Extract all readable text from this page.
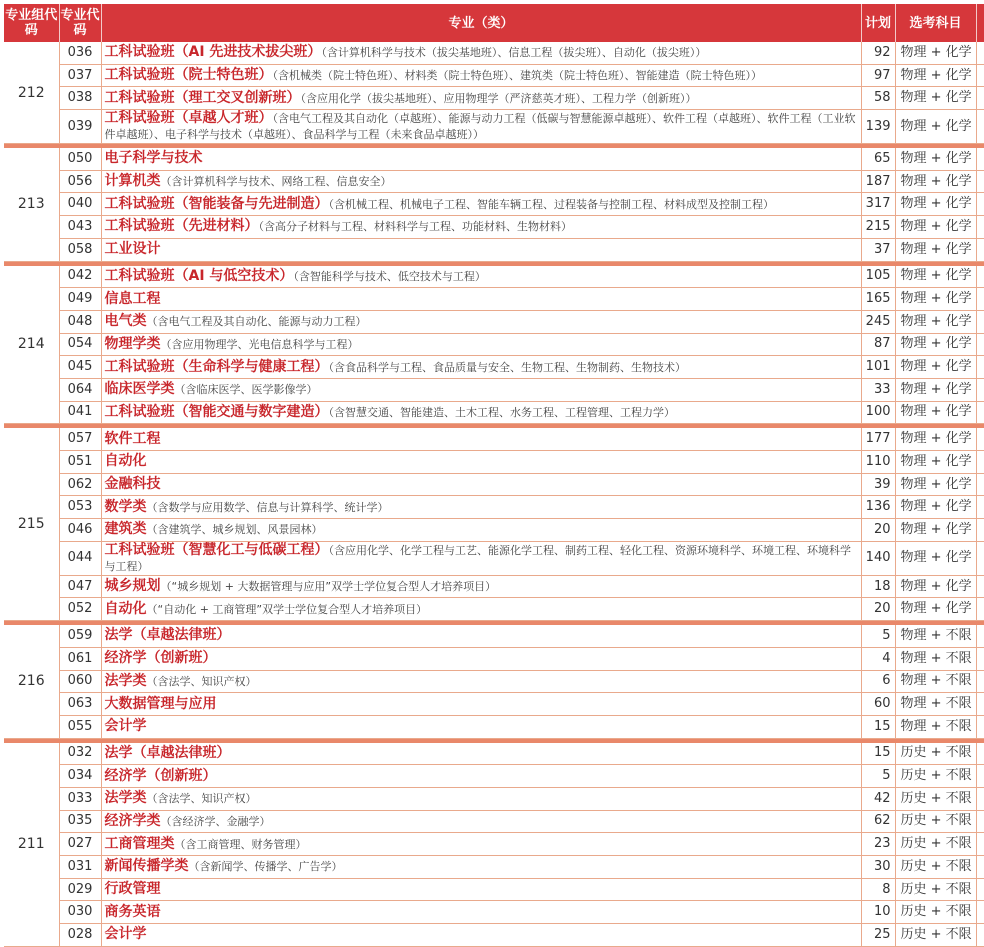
专业组代码	专业代码	专业（类）	计划	选考科目	
212	036	工科试验班（AI 先进技术拔尖班）（含计算机科学与技术（拔尖基地班）、信息工程（拔尖班）、自动化（拔尖班））	92	物理 + 化学	
	037	工科试验班（院士特色班）（含机械类（院士特色班）、材料类（院士特色班）、建筑类（院士特色班）、智能建造（院士特色班））	97	物理 + 化学	
	038	工科试验班（理工交叉创新班）（含应用化学（拔尖基地班）、应用物理学（严济慈英才班）、工程力学（创新班））	58	物理 + 化学	
	039	工科试验班（卓越人才班）（含电气工程及其自动化（卓越班）、能源与动力工程（低碳与智慧能源卓越班）、软件工程（卓越班）、软件工程（工业软件卓越班）、电子科学与技术（卓越班）、食品科学与工程（未来食品卓越班））	139	物理 + 化学	

213	050	电子科学与技术	65	物理 + 化学	
	056	计算机类（含计算机科学与技术、网络工程、信息安全）	187	物理 + 化学	
	040	工科试验班（智能装备与先进制造）（含机械工程、机械电子工程、智能车辆工程、过程装备与控制工程、材料成型及控制工程）	317	物理 + 化学	
	043	工科试验班（先进材料）（含高分子材料与工程、材料科学与工程、功能材料、生物材料）	215	物理 + 化学	
	058	工业设计	37	物理 + 化学	

214	042	工科试验班（AI 与低空技术）（含智能科学与技术、低空技术与工程）	105	物理 + 化学	
	049	信息工程	165	物理 + 化学	
	048	电气类（含电气工程及其自动化、能源与动力工程）	245	物理 + 化学	
	054	物理学类（含应用物理学、光电信息科学与工程）	87	物理 + 化学	
	045	工科试验班（生命科学与健康工程）（含食品科学与工程、食品质量与安全、生物工程、生物制药、生物技术）	101	物理 + 化学	
	064	临床医学类（含临床医学、医学影像学）	33	物理 + 化学	
	041	工科试验班（智能交通与数字建造）（含智慧交通、智能建造、土木工程、水务工程、工程管理、工程力学）	100	物理 + 化学	

215	057	软件工程	177	物理 + 化学	
	051	自动化	110	物理 + 化学	
	062	金融科技	39	物理 + 化学	
	053	数学类（含数学与应用数学、信息与计算科学、统计学）	136	物理 + 化学	
	046	建筑类（含建筑学、城乡规划、风景园林）	20	物理 + 化学	
	044	工科试验班（智慧化工与低碳工程）（含应用化学、化学工程与工艺、能源化学工程、制药工程、轻化工程、资源环境科学、环境工程、环境科学与工程）	140	物理 + 化学	
	047	城乡规划（“城乡规划 + 大数据管理与应用”双学士学位复合型人才培养项目）	18	物理 + 化学	
	052	自动化（“自动化 + 工商管理”双学士学位复合型人才培养项目）	20	物理 + 化学	

216	059	法学（卓越法律班）	5	物理 + 不限	
	061	经济学（创新班）	4	物理 + 不限	
	060	法学类（含法学、知识产权）	6	物理 + 不限	
	063	大数据管理与应用	60	物理 + 不限	
	055	会计学	15	物理 + 不限	

211	032	法学（卓越法律班）	15	历史 + 不限	
	034	经济学（创新班）	5	历史 + 不限	
	033	法学类（含法学、知识产权）	42	历史 + 不限	
	035	经济学类（含经济学、金融学）	62	历史 + 不限	
	027	工商管理类（含工商管理、财务管理）	23	历史 + 不限	
	031	新闻传播学类（含新闻学、传播学、广告学）	30	历史 + 不限	
	029	行政管理	8	历史 + 不限	
	030	商务英语	10	历史 + 不限	
	028	会计学	25	历史 + 不限	
